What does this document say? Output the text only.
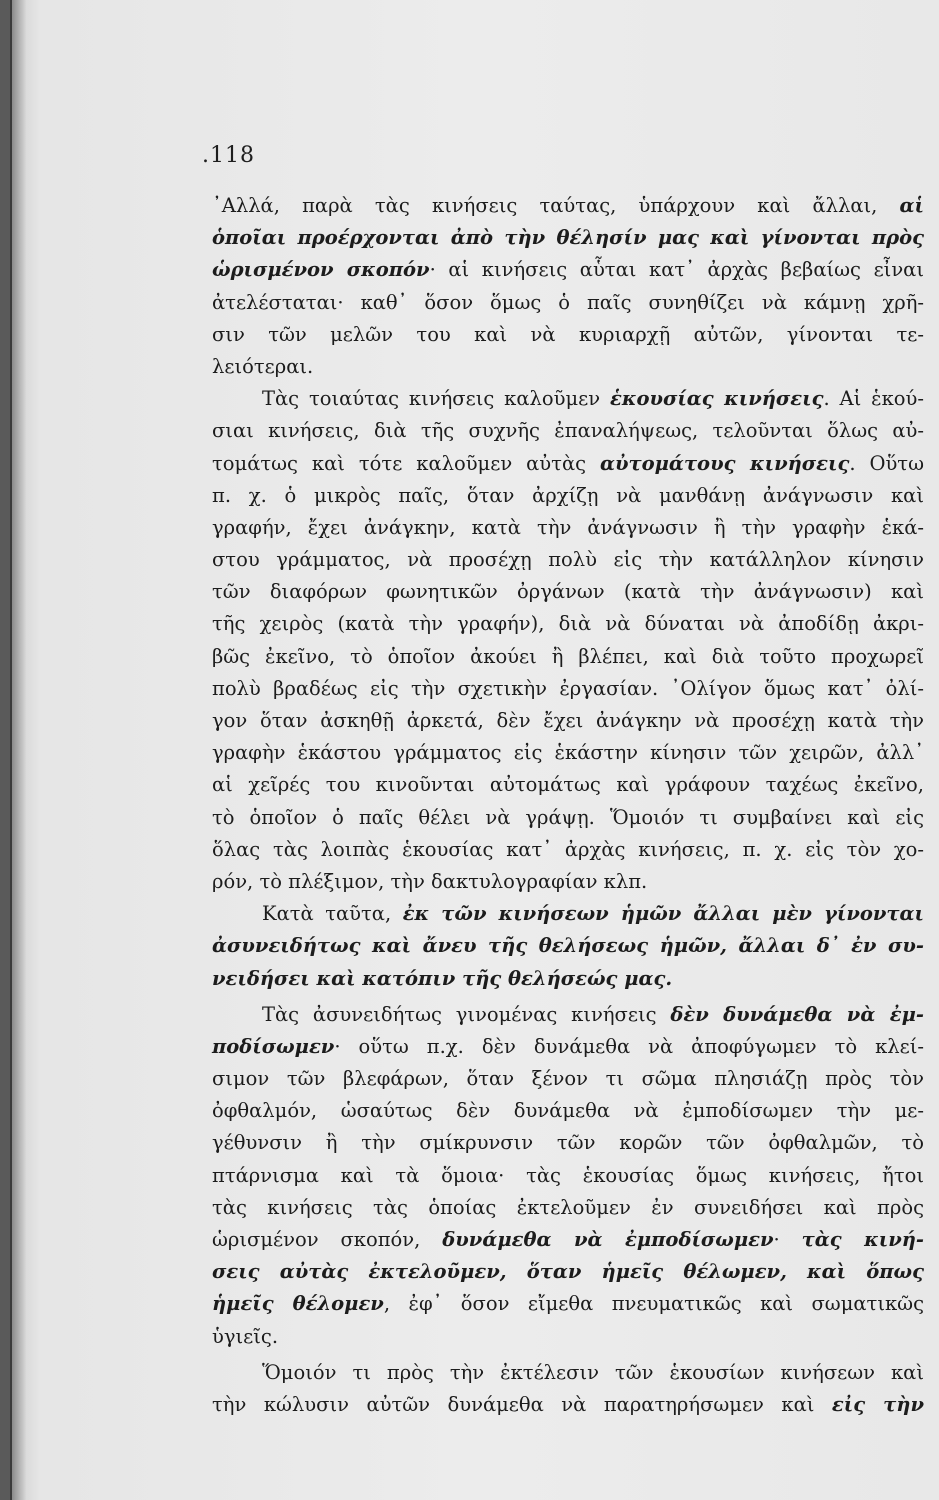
.118
᾿Αλλά, παρὰ τὰς κινήσεις ταύτας, ὑπάρχουν καὶ ἄλλαι, αἱ
ὁποῖαι προέρχονται ἀπὸ τὴν θέλησίν μας καὶ γίνονται πρὸς
ὡρισμένον σκοπόν· αἱ κινήσεις αὗται κατ᾿ ἀρχὰς βεβαίως εἶναι
ἀτελέσταται· καθ᾿ ὅσον ὅμως ὁ παῖς συνηθίζει νὰ κάμνῃ χρῆ-
σιν τῶν μελῶν του καὶ νὰ κυριαρχῇ αὐτῶν, γίνονται τε-
λειότεραι.
Τὰς τοιαύτας κινήσεις καλοῦμεν ἑκουσίας κινήσεις. Αἱ ἑκού-
σιαι κινήσεις, διὰ τῆς συχνῆς ἐπαναλήψεως, τελοῦνται ὅλως αὐ-
τομάτως καὶ τότε καλοῦμεν αὐτὰς αὐτομάτους κινήσεις. Οὕτω
π. χ. ὁ μικρὸς παῖς, ὅταν ἀρχίζῃ νὰ μανθάνῃ ἀνάγνωσιν καὶ
γραφήν, ἔχει ἀνάγκην, κατὰ τὴν ἀνάγνωσιν ἢ τὴν γραφὴν ἑκά-
στου γράμματος, νὰ προσέχῃ πολὺ εἰς τὴν κατάλληλον κίνησιν
τῶν διαφόρων φωνητικῶν ὀργάνων (κατὰ τὴν ἀνάγνωσιν) καὶ
τῆς χειρὸς (κατὰ τὴν γραφήν), διὰ νὰ δύναται νὰ ἀποδίδῃ ἀκρι-
βῶς ἐκεῖνο, τὸ ὁποῖον ἀκούει ἢ βλέπει, καὶ διὰ τοῦτο προχωρεῖ
πολὺ βραδέως εἰς τὴν σχετικὴν ἐργασίαν. ᾿Ολίγον ὅμως κατ᾿ ὀλί-
γον ὅταν ἀσκηθῇ ἀρκετά, δὲν ἔχει ἀνάγκην νὰ προσέχῃ κατὰ τὴν
γραφὴν ἑκάστου γράμματος εἰς ἑκάστην κίνησιν τῶν χειρῶν, ἀλλ᾿
αἱ χεῖρές του κινοῦνται αὐτομάτως καὶ γράφουν ταχέως ἐκεῖνο,
τὸ ὁποῖον ὁ παῖς θέλει νὰ γράψῃ. Ὅμοιόν τι συμβαίνει καὶ εἰς
ὅλας τὰς λοιπὰς ἑκουσίας κατ᾿ ἀρχὰς κινήσεις, π. χ. εἰς τὸν χο-
ρόν, τὸ πλέξιμον, τὴν δακτυλογραφίαν κλπ.
Κατὰ ταῦτα, ἐκ τῶν κινήσεων ἡμῶν ἄλλαι μὲν γίνονται
ἀσυνειδήτως καὶ ἄνευ τῆς θελήσεως ἡμῶν, ἄλλαι δ᾿ ἐν συ-
νειδήσει καὶ κατόπιν τῆς θελήσεώς μας.
Τὰς ἀσυνειδήτως γινομένας κινήσεις δὲν δυνάμεθα νὰ ἐμ-
ποδίσωμεν· οὕτω π.χ. δὲν δυνάμεθα νὰ ἀποφύγωμεν τὸ κλεί-
σιμον τῶν βλεφάρων, ὅταν ξένον τι σῶμα πλησιάζῃ πρὸς τὸν
ὀφθαλμόν, ὡσαύτως δὲν δυνάμεθα νὰ ἐμποδίσωμεν τὴν με-
γέθυνσιν ἢ τὴν σμίκρυνσιν τῶν κορῶν τῶν ὀφθαλμῶν, τὸ
πτάρνισμα καὶ τὰ ὅμοια· τὰς ἑκουσίας ὅμως κινήσεις, ἤτοι
τὰς κινήσεις τὰς ὁποίας ἐκτελοῦμεν ἐν συνειδήσει καὶ πρὸς
ὡρισμένον σκοπόν, δυνάμεθα νὰ ἐμποδίσωμεν· τὰς κινή-
σεις αὐτὰς ἐκτελοῦμεν, ὅταν ἡμεῖς θέλωμεν, καὶ ὅπως
ἡμεῖς θέλομεν, ἐφ᾿ ὅσον εἴμεθα πνευματικῶς καὶ σωματικῶς
ὑγιεῖς.
Ὅμοιόν τι πρὸς τὴν ἐκτέλεσιν τῶν ἑκουσίων κινήσεων καὶ
τὴν κώλυσιν αὐτῶν δυνάμεθα νὰ παρατηρήσωμεν καὶ εἰς τὴν
